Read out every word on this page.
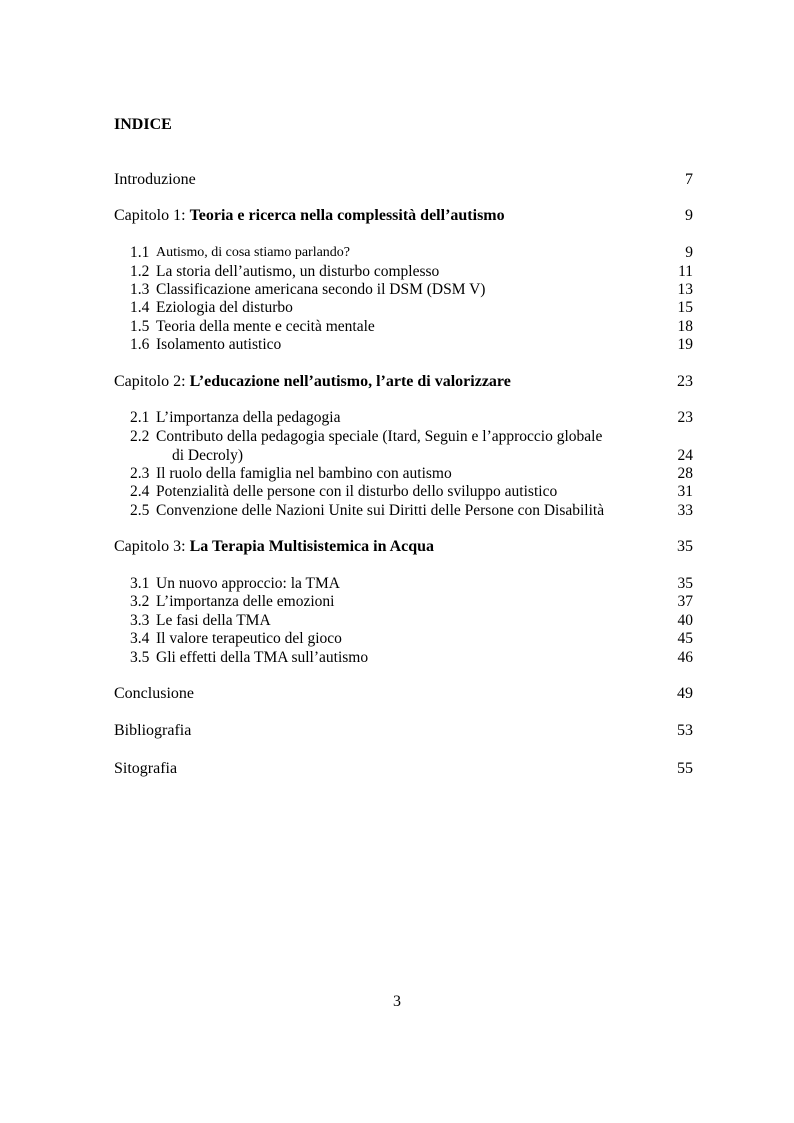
INDICE
Introduzione	7
Capitolo 1: Teoria e ricerca nella complessità dell’autismo	9
1.1 Autismo, di cosa stiamo parlando?	9
1.2 La storia dell’autismo, un disturbo complesso	11
1.3 Classificazione americana secondo il DSM (DSM V)	13
1.4 Eziologia del disturbo	15
1.5 Teoria della mente e cecità mentale	18
1.6 Isolamento autistico	19
Capitolo 2: L’educazione nell’autismo, l’arte di valorizzare	23
2.1 L’importanza della pedagogia	23
2.2 Contributo della pedagogia speciale (Itard, Seguin e l’approccio globale
di Decroly)	24
2.3 Il ruolo della famiglia nel bambino con autismo	28
2.4 Potenzialità delle persone con il disturbo dello sviluppo autistico	31
2.5 Convenzione delle Nazioni Unite sui Diritti delle Persone con Disabilità	33
Capitolo 3: La Terapia Multisistemica in Acqua	35
3.1 Un nuovo approccio: la TMA	35
3.2 L’importanza delle emozioni	37
3.3 Le fasi della TMA	40
3.4 Il valore terapeutico del gioco	45
3.5 Gli effetti della TMA sull’autismo	46
Conclusione	49
Bibliografia	53
Sitografia	55
3
